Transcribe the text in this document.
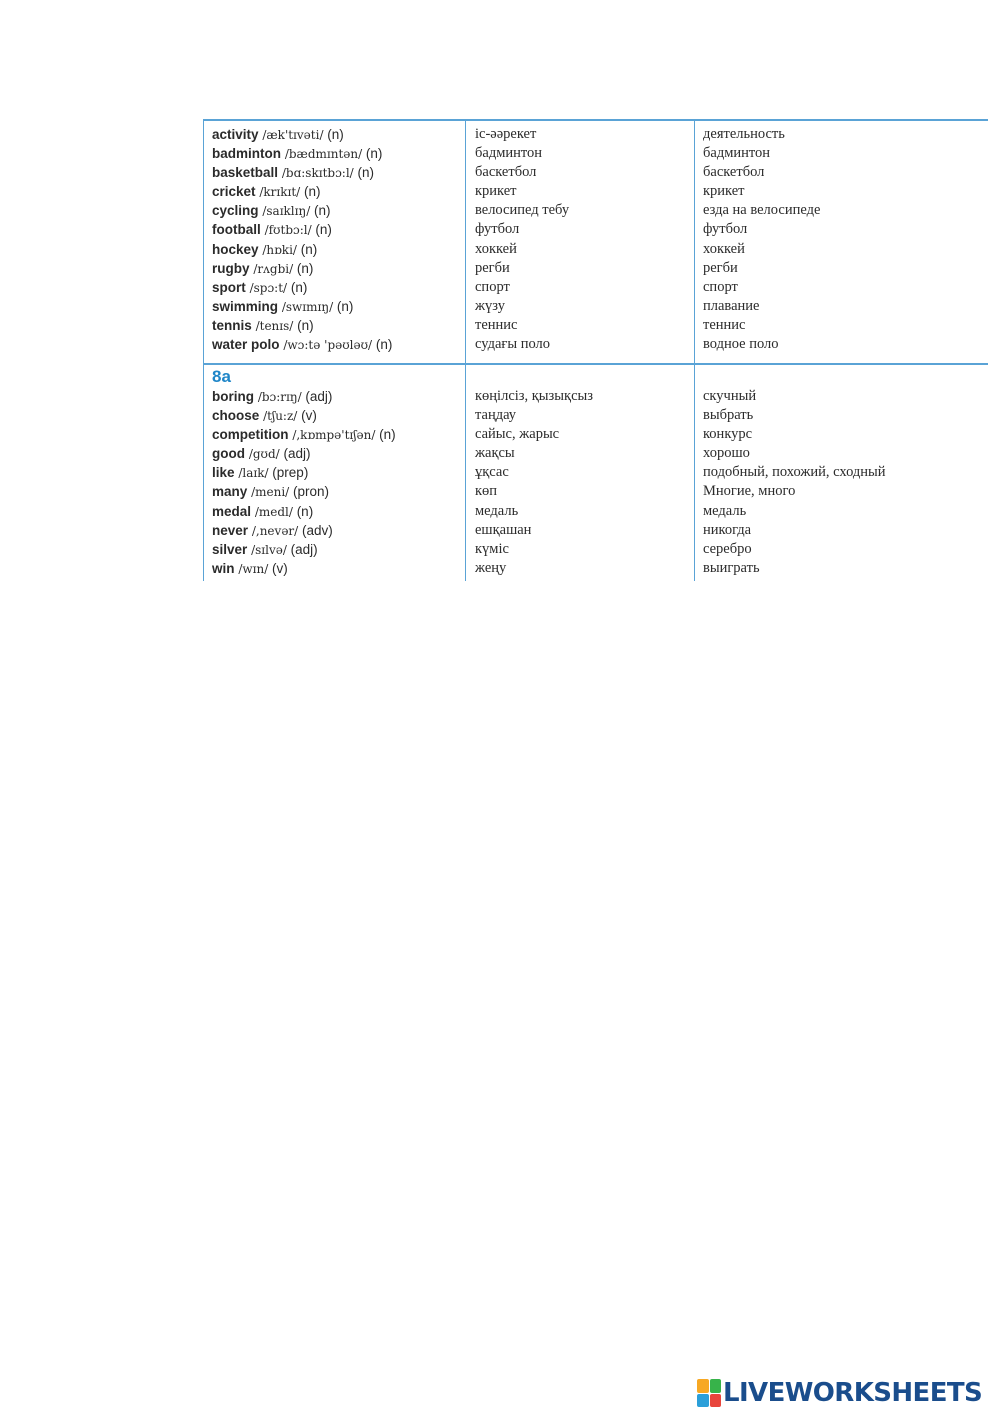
activity /æk'tɪvəti/ (n)	іс-әәрекет	деятельность
badminton /bædmɪntən/ (n)	бадминтон	бадминтон
basketball /bɑ:skɪtbɔ:l/ (n)	баскетбол	баскетбол
cricket /krɪkɪt/ (n)	крикет	крикет
cycling /saɪklɪŋ/ (n)	велосипед тебу	езда на велосипеде
football /fʊtbɔ:l/ (n)	футбол	футбол
hockey /hɒki/ (n)	хоккей	хоккей
rugby /rʌgbi/ (n)	регби	регби
sport /spɔ:t/ (n)	спорт	спорт
swimming /swɪmɪŋ/ (n)	жүзу	плавание
tennis /tenɪs/ (n)	теннис	теннис
water polo /wɔ:tə 'pəʊləʊ/ (n)	судағы поло	водное поло
8a
boring /bɔ:rɪŋ/ (adj)	көңілсіз, қызықсыз	скучный
choose /tʃu:z/ (v)	таңдау	выбрать
competition /,kɒmpə'tɪʃən/ (n)	сайыс, жарыс	конкурс
good /gʊd/ (adj)	жақсы	хорошо
like /laɪk/ (prep)	ұқсас	подобный, похожий, сходный
many /meni/ (pron)	көп	Многие, много
medal /medl/ (n)	медаль	медаль
never /,nevər/ (adv)	ешқашан	никогда
silver /sɪlvə/ (adj)	күміс	серебро
win /wɪn/ (v)	жеңу	выиграть
LIVEWORKSHEETS
